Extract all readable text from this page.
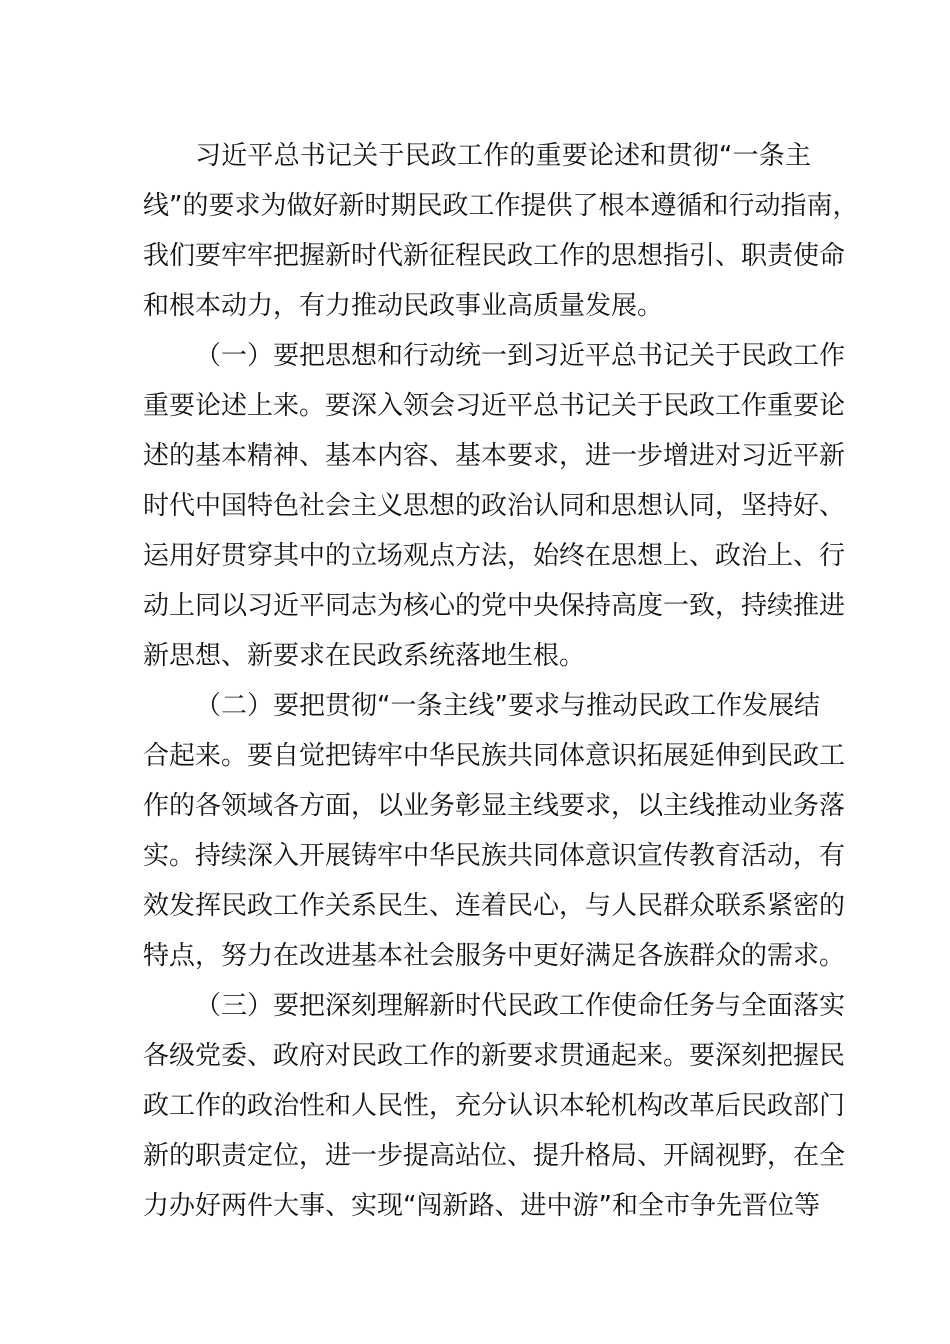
习近平总书记关于民政工作的重要论述和贯彻“一条主
线”的要求为做好新时期民政工作提供了根本遵循和行动指南，
我们要牢牢把握新时代新征程民政工作的思想指引、职责使命
和根本动力，有力推动民政事业高质量发展。
（一）要把思想和行动统一到习近平总书记关于民政工作
重要论述上来。要深入领会习近平总书记关于民政工作重要论
述的基本精神、基本内容、基本要求，进一步增进对习近平新
时代中国特色社会主义思想的政治认同和思想认同，坚持好、
运用好贯穿其中的立场观点方法，始终在思想上、政治上、行
动上同以习近平同志为核心的党中央保持高度一致，持续推进
新思想、新要求在民政系统落地生根。
（二）要把贯彻“一条主线”要求与推动民政工作发展结
合起来。要自觉把铸牢中华民族共同体意识拓展延伸到民政工
作的各领域各方面，以业务彰显主线要求，以主线推动业务落
实。持续深入开展铸牢中华民族共同体意识宣传教育活动，有
效发挥民政工作关系民生、连着民心，与人民群众联系紧密的
特点，努力在改进基本社会服务中更好满足各族群众的需求。
（三）要把深刻理解新时代民政工作使命任务与全面落实
各级党委、政府对民政工作的新要求贯通起来。要深刻把握民
政工作的政治性和人民性，充分认识本轮机构改革后民政部门
新的职责定位，进一步提高站位、提升格局、开阔视野，在全
力办好两件大事、实现“闯新路、进中游”和全市争先晋位等
